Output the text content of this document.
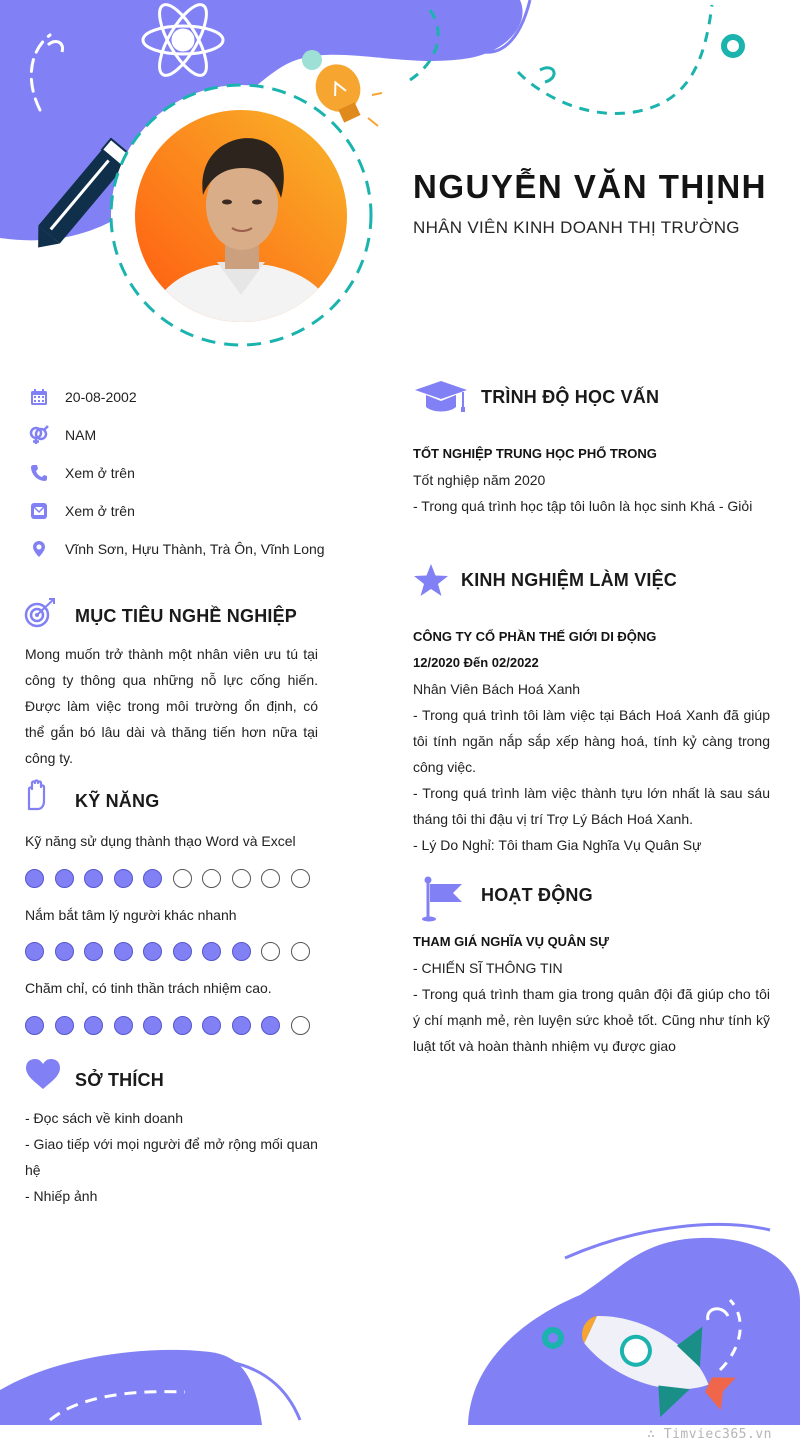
NGUYỄN VĂN THỊNH
NHÂN VIÊN KINH DOANH THỊ TRƯỜNG
20-08-2002
NAM
Xem ở trên
Xem ở trên
Vĩnh Sơn, Hựu Thành, Trà Ôn, Vĩnh Long
MỤC TIÊU NGHỀ NGHIỆP

Mong muốn trở thành một nhân viên ưu tú tại công ty thông qua những nỗ lực cống hiến. Được làm việc trong môi trường ổn định, có thể gắn bó lâu dài và thăng tiến hơn nữa tại công ty.

KỸ NĂNG
Kỹ năng sử dụng thành thạo Word và Excel
Nắm bắt tâm lý người khác nhanh
Chăm chỉ, có tinh thần trách nhiệm cao.
SỞ THÍCH

- Đọc sách về kinh doanh

- Giao tiếp với mọi người để mở rộng mối quan hệ

- Nhiếp ảnh

TRÌNH ĐỘ HỌC VẤN

TỐT NGHIỆP TRUNG HỌC PHỔ TRONG

Tốt nghiệp năm 2020

- Trong quá trình học tập tôi luôn là học sinh Khá - Giỏi

KINH NGHIỆM LÀM VIỆC

CÔNG TY CỔ PHẦN THẾ GIỚI DI ĐỘNG

12/2020 Đến 02/2022

Nhân Viên Bách Hoá Xanh

- Trong quá trình tôi làm việc tại Bách Hoá Xanh đã giúp tôi tính ngăn nắp sắp xếp hàng hoá, tính kỷ càng trong công việc.

- Trong quá trình làm việc thành tựu lớn nhất là sau sáu tháng tôi thi đậu vị trí Trợ Lý Bách Hoá Xanh.

- Lý Do Nghỉ: Tôi tham Gia Nghĩa Vụ Quân Sự

HOẠT ĐỘNG

THAM GIÁ NGHĨA VỤ QUÂN SỰ

- CHIẾN SĨ THÔNG TIN

- Trong quá trình tham gia trong quân đội đã giúp cho tôi ý chí mạnh mẻ, rèn luyện sức khoẻ tốt. Cũng như tính kỹ luật tốt và hoàn thành nhiệm vụ được giao

∴ Timviec365.vn
